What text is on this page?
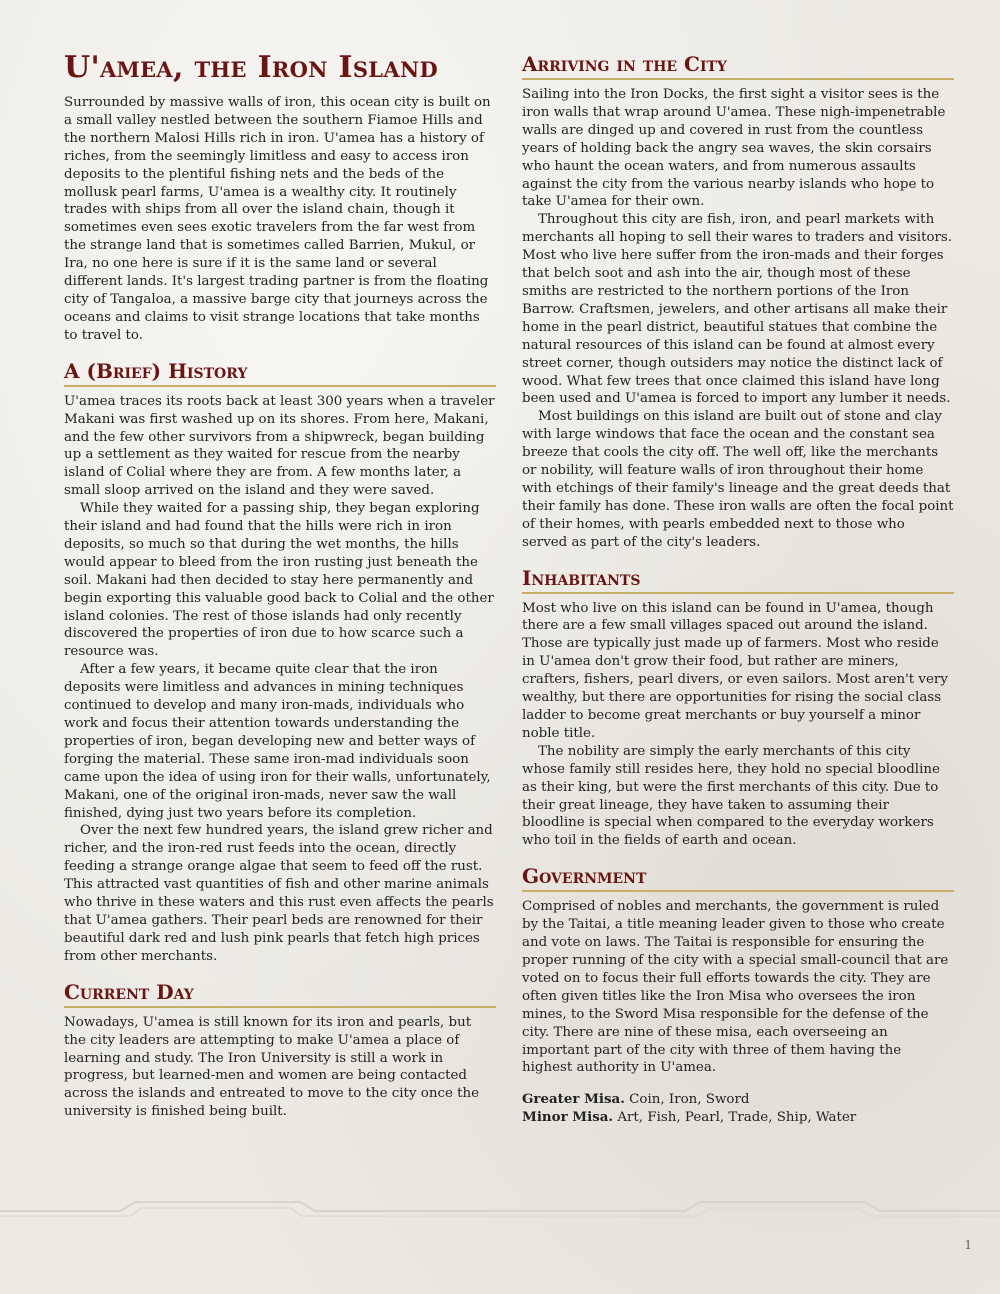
U'amea, the Iron Island

Surrounded by massive walls of iron, this ocean city is built on a small valley nestled between the southern Fiamoe Hills and the northern Malosi Hills rich in iron. U'amea has a history of riches, from the seemingly limitless and easy to access iron deposits to the plentiful fishing nets and the beds of the mollusk pearl farms, U'amea is a wealthy city. It routinely trades with ships from all over the island chain, though it sometimes even sees exotic travelers from the far west from the strange land that is sometimes called Barrien, Mukul, or Ira, no one here is sure if it is the same land or several different lands. It's largest trading partner is from the floating city of Tangaloa, a massive barge city that journeys across the oceans and claims to visit strange locations that take months to travel to.

A (Brief) History

U'amea traces its roots back at least 300 years when a traveler Makani was first washed up on its shores. From here, Makani, and the few other survivors from a shipwreck, began building up a settlement as they waited for rescue from the nearby island of Colial where they are from. A few months later, a small sloop arrived on the island and they were saved.

While they waited for a passing ship, they began exploring their island and had found that the hills were rich in iron deposits, so much so that during the wet months, the hills would appear to bleed from the iron rusting just beneath the soil. Makani had then decided to stay here permanently and begin exporting this valuable good back to Colial and the other island colonies. The rest of those islands had only recently discovered the properties of iron due to how scarce such a resource was.

After a few years, it became quite clear that the iron deposits were limitless and advances in mining techniques continued to develop and many iron-mads, individuals who work and focus their attention towards understanding the properties of iron, began developing new and better ways of forging the material. These same iron-mad individuals soon came upon the idea of using iron for their walls, unfortunately, Makani, one of the original iron-mads, never saw the wall finished, dying just two years before its completion.

Over the next few hundred years, the island grew richer and richer, and the iron-red rust feeds into the ocean, directly feeding a strange orange algae that seem to feed off the rust. This attracted vast quantities of fish and other marine animals who thrive in these waters and this rust even affects the pearls that U'amea gathers. Their pearl beds are renowned for their beautiful dark red and lush pink pearls that fetch high prices from other merchants.

Current Day

Nowadays, U'amea is still known for its iron and pearls, but the city leaders are attempting to make U'amea a place of learning and study. The Iron University is still a work in progress, but learned-men and women are being contacted across the islands and entreated to move to the city once the university is finished being built.

Arriving in the City

Sailing into the Iron Docks, the first sight a visitor sees is the iron walls that wrap around U'amea. These nigh-impenetrable walls are dinged up and covered in rust from the countless years of holding back the angry sea waves, the skin corsairs who haunt the ocean waters, and from numerous assaults against the city from the various nearby islands who hope to take U'amea for their own.

Throughout this city are fish, iron, and pearl markets with merchants all hoping to sell their wares to traders and visitors. Most who live here suffer from the iron-mads and their forges that belch soot and ash into the air, though most of these smiths are restricted to the northern portions of the Iron Barrow. Craftsmen, jewelers, and other artisans all make their home in the pearl district, beautiful statues that combine the natural resources of this island can be found at almost every street corner, though outsiders may notice the distinct lack of wood. What few trees that once claimed this island have long been used and U'amea is forced to import any lumber it needs.

Most buildings on this island are built out of stone and clay with large windows that face the ocean and the constant sea breeze that cools the city off. The well off, like the merchants or nobility, will feature walls of iron throughout their home with etchings of their family's lineage and the great deeds that their family has done. These iron walls are often the focal point of their homes, with pearls embedded next to those who served as part of the city's leaders.

Inhabitants

Most who live on this island can be found in U'amea, though there are a few small villages spaced out around the island. Those are typically just made up of farmers. Most who reside in U'amea don't grow their food, but rather are miners, crafters, fishers, pearl divers, or even sailors. Most aren't very wealthy, but there are opportunities for rising the social class ladder to become great merchants or buy yourself a minor noble title.

The nobility are simply the early merchants of this city whose family still resides here, they hold no special bloodline as their king, but were the first merchants of this city. Due to their great lineage, they have taken to assuming their bloodline is special when compared to the everyday workers who toil in the fields of earth and ocean.

Government

Comprised of nobles and merchants, the government is ruled by the Taitai, a title meaning leader given to those who create and vote on laws. The Taitai is responsible for ensuring the proper running of the city with a special small-council that are voted on to focus their full efforts towards the city. They are often given titles like the Iron Misa who oversees the iron mines, to the Sword Misa responsible for the defense of the city. There are nine of these misa, each overseeing an important part of the city with three of them having the highest authority in U'amea.

Greater Misa. Coin, Iron, Sword

Minor Misa. Art, Fish, Pearl, Trade, Ship, Water

1
